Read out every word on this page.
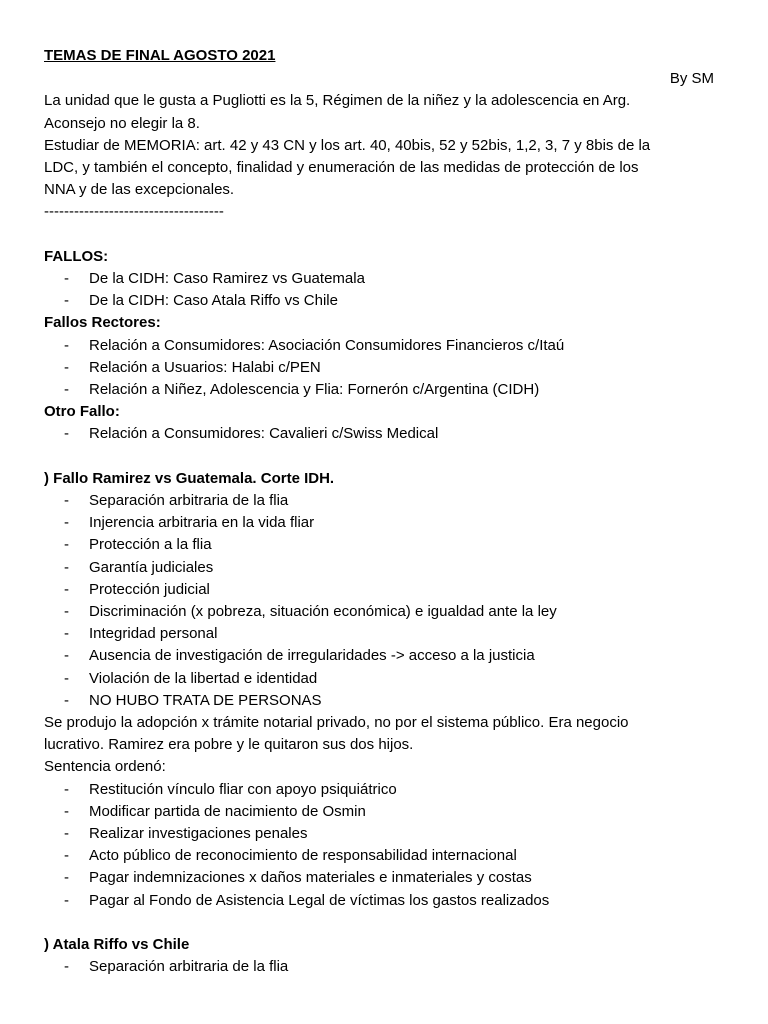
TEMAS DE FINAL AGOSTO 2021

By SM

La unidad que le gusta a Pugliotti es la 5, Régimen de la niñez y la adolescencia en Arg.

Aconsejo no elegir la 8.

Estudiar de MEMORIA: art. 42 y 43 CN y los art. 40, 40bis, 52 y 52bis, 1,2, 3, 7 y 8bis de la

LDC, y también el concepto, finalidad y enumeración de las medidas de protección de los

NNA y de las excepcionales.

------------------------------------

FALLOS:

- De la CIDH: Caso Ramirez vs Guatemala
- De la CIDH: Caso Atala Riffo vs Chile

Fallos Rectores:

- Relación a Consumidores: Asociación Consumidores Financieros c/Itaú
- Relación a Usuarios: Halabi c/PEN
- Relación a Niñez, Adolescencia y Flia: Fornerón c/Argentina (CIDH)

Otro Fallo:

- Relación a Consumidores: Cavalieri c/Swiss Medical

) Fallo Ramirez vs Guatemala. Corte IDH.

- Separación arbitraria de la flia
- Injerencia arbitraria en la vida fliar
- Protección a la flia
- Garantía judiciales
- Protección judicial
- Discriminación (x pobreza, situación económica) e igualdad ante la ley
- Integridad personal
- Ausencia de investigación de irregularidades -> acceso a la justicia
- Violación de la libertad e identidad
- NO HUBO TRATA DE PERSONAS

Se produjo la adopción x trámite notarial privado, no por el sistema público. Era negocio

lucrativo. Ramirez era pobre y le quitaron sus dos hijos.

Sentencia ordenó:

- Restitución vínculo fliar con apoyo psiquiátrico
- Modificar partida de nacimiento de Osmin
- Realizar investigaciones penales
- Acto público de reconocimiento de responsabilidad internacional
- Pagar indemnizaciones x daños materiales e inmateriales y costas
- Pagar al Fondo de Asistencia Legal de víctimas los gastos realizados

) Atala Riffo vs Chile

- Separación arbitraria de la flia
